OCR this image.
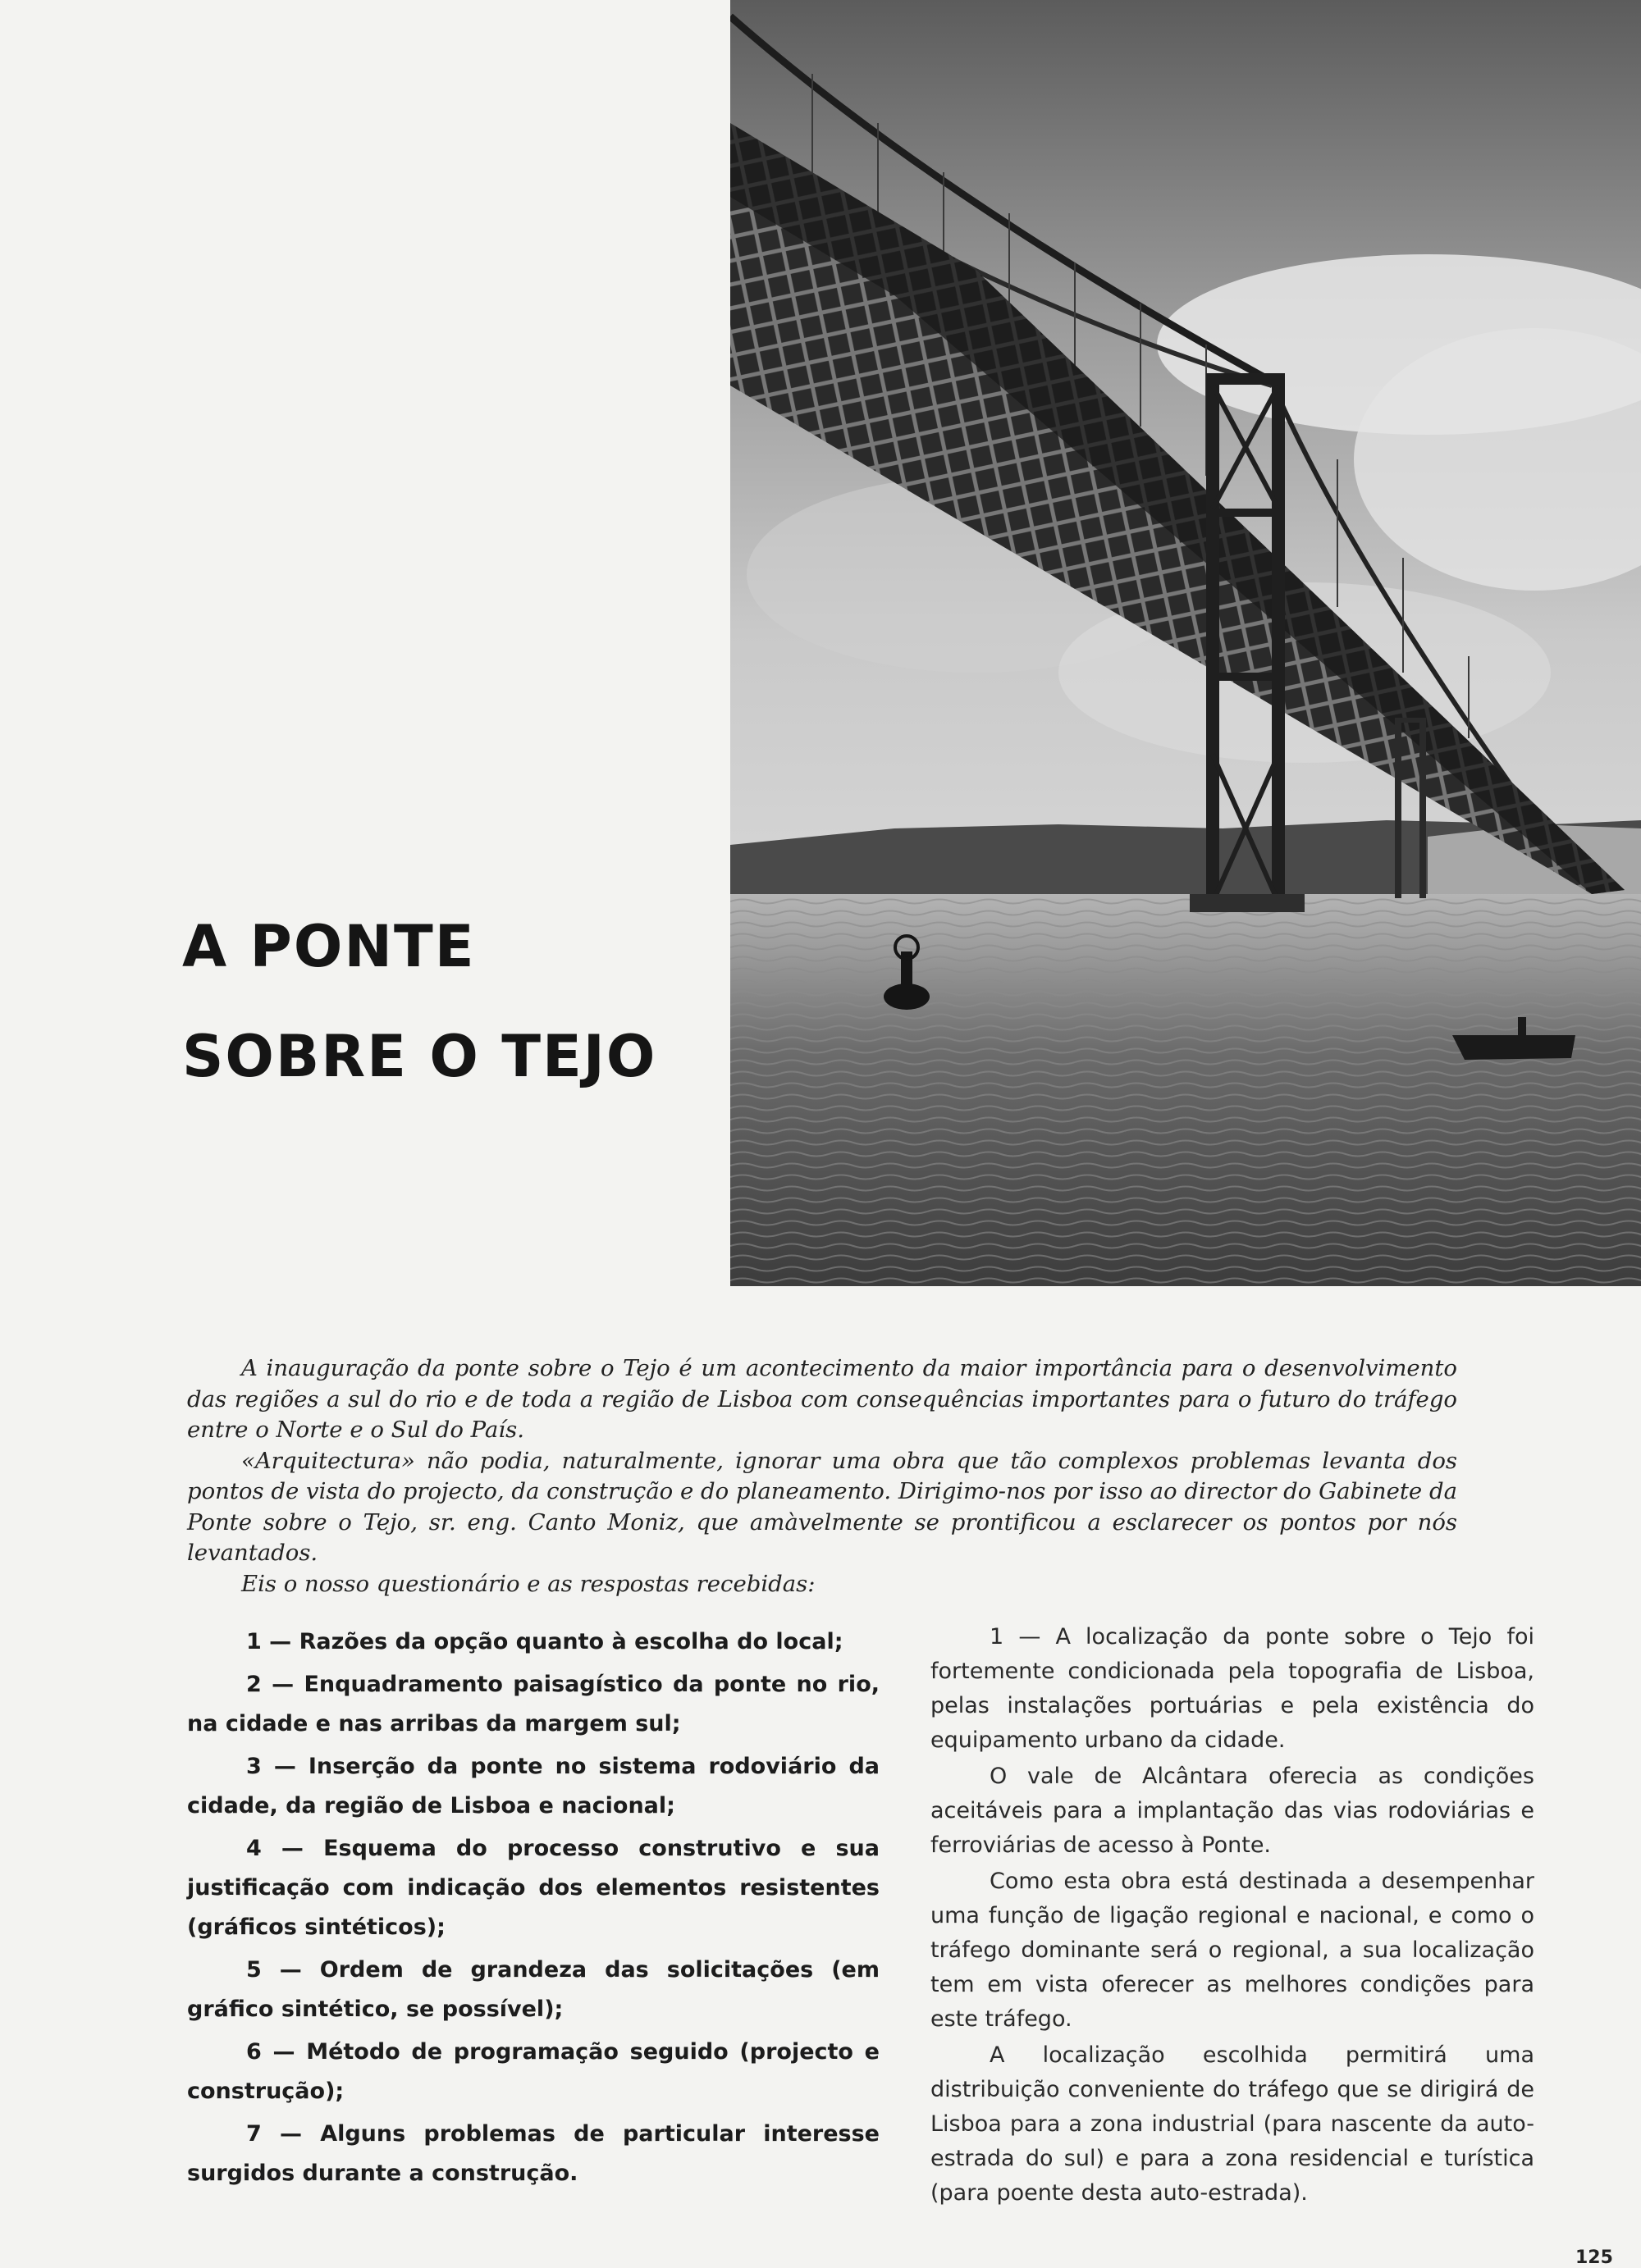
A PONTE
SOBRE O TEJO

A inauguração da ponte sobre o Tejo é um acontecimento da maior importância para o desenvolvimento das regiões a sul do rio e de toda a região de Lisboa com consequências importantes para o futuro do tráfego entre o Norte e o Sul do País.

«Arquitectura» não podia, naturalmente, ignorar uma obra que tão complexos problemas levanta dos pontos de vista do projecto, da construção e do planeamento. Dirigimo-nos por isso ao director do Gabinete da Ponte sobre o Tejo, sr. eng. Canto Moniz, que amàvelmente se prontificou a esclarecer os pontos por nós levantados.

Eis o nosso questionário e as respostas recebidas:

1 — Razões da opção quanto à escolha do local;

2 — Enquadramento paisagístico da ponte no rio, na cidade e nas arribas da margem sul;

3 — Inserção da ponte no sistema rodoviário da cidade, da região de Lisboa e nacional;

4 — Esquema do processo construtivo e sua justificação com indicação dos elementos resistentes (gráficos sintéticos);

5 — Ordem de grandeza das solicitações (em gráfico sintético, se possível);

6 — Método de programação seguido (projecto e construção);

7 — Alguns problemas de particular interesse surgidos durante a construção.

1 — A localização da ponte sobre o Tejo foi fortemente condicionada pela topografia de Lisboa, pelas instalações portuárias e pela existência do equipamento urbano da cidade.

O vale de Alcântara oferecia as condições aceitáveis para a implantação das vias rodoviárias e ferroviárias de acesso à Ponte.

Como esta obra está destinada a desempenhar uma função de ligação regional e nacional, e como o tráfego dominante será o regional, a sua localização tem em vista oferecer as melhores condições para este tráfego.

A localização escolhida permitirá uma distribuição conveniente do tráfego que se dirigirá de Lisboa para a zona industrial (para nascente da auto-estrada do sul) e para a zona residencial e turística (para poente desta auto-estrada).

125
